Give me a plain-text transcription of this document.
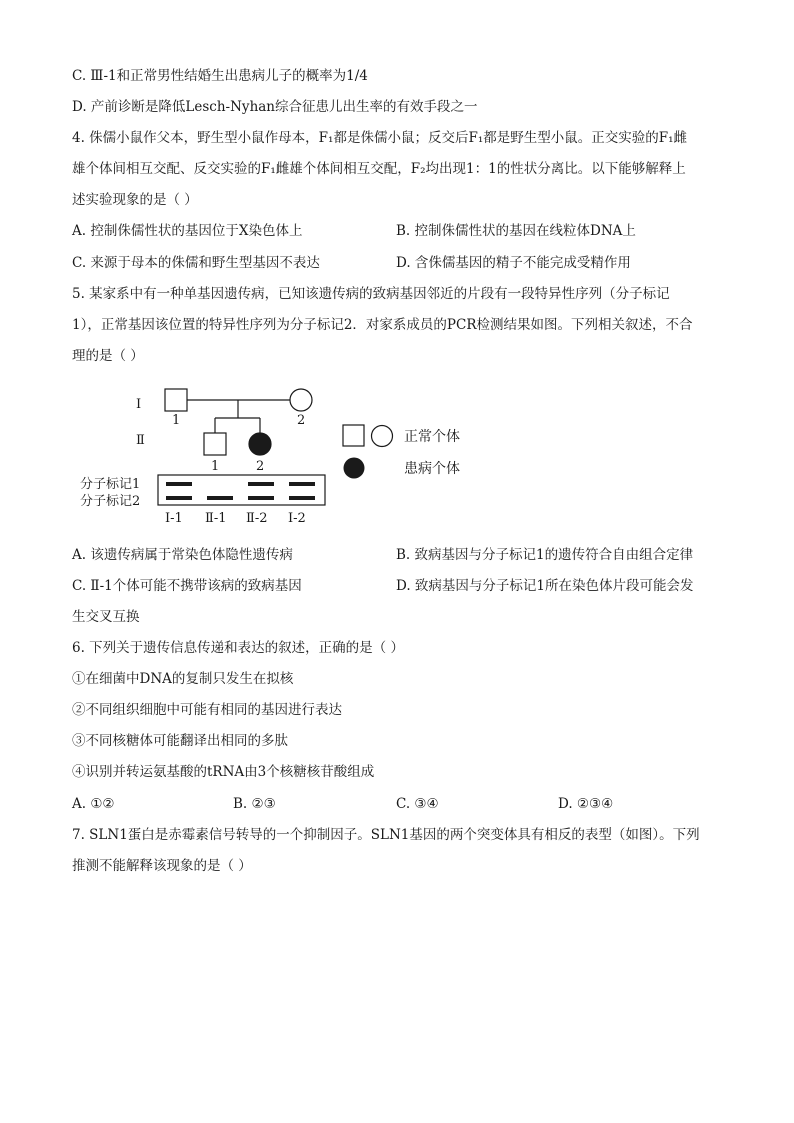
C. Ⅲ-1和正常男性结婚生出患病儿子的概率为1/4
D. 产前诊断是降低Lesch-Nyhan综合征患儿出生率的有效手段之一
4. 侏儒小鼠作父本，野生型小鼠作母本，F₁都是侏儒小鼠；反交后F₁都是野生型小鼠。正交实验的F₁雌
雄个体间相互交配、反交实验的F₁雌雄个体间相互交配，F₂均出现1：1的性状分离比。以下能够解释上
述实验现象的是（ ）
A. 控制侏儒性状的基因位于X染色体上	B. 控制侏儒性状的基因在线粒体DNA上
C. 来源于母本的侏儒和野生型基因不表达	D. 含侏儒基因的精子不能完成受精作用
5. 某家系中有一种单基因遗传病，已知该遗传病的致病基因邻近的片段有一段特异性序列（分子标记
1），正常基因该位置的特异性序列为分子标记2．对家系成员的PCR检测结果如图。下列相关叙述，不合
理的是（ ）
Ⅰ
Ⅱ
1	2
1	2
正常个体
患病个体
分子标记1
分子标记2
Ⅰ-1 Ⅱ-1 Ⅱ-2 Ⅰ-2
A. 该遗传病属于常染色体隐性遗传病	B. 致病基因与分子标记1的遗传符合自由组合定律
C. Ⅱ-1个体可能不携带该病的致病基因	D. 致病基因与分子标记1所在染色体片段可能会发
生交叉互换
6. 下列关于遗传信息传递和表达的叙述，正确的是（ ）
①在细菌中DNA的复制只发生在拟核
②不同组织细胞中可能有相同的基因进行表达
③不同核糖体可能翻译出相同的多肽
④识别并转运氨基酸的tRNA由3个核糖核苷酸组成
A. ①②	B. ②③	C. ③④	D. ②③④
7. SLN1蛋白是赤霉素信号转导的一个抑制因子。SLN1基因的两个突变体具有相反的表型（如图）。下列
推测不能解释该现象的是（ ）
